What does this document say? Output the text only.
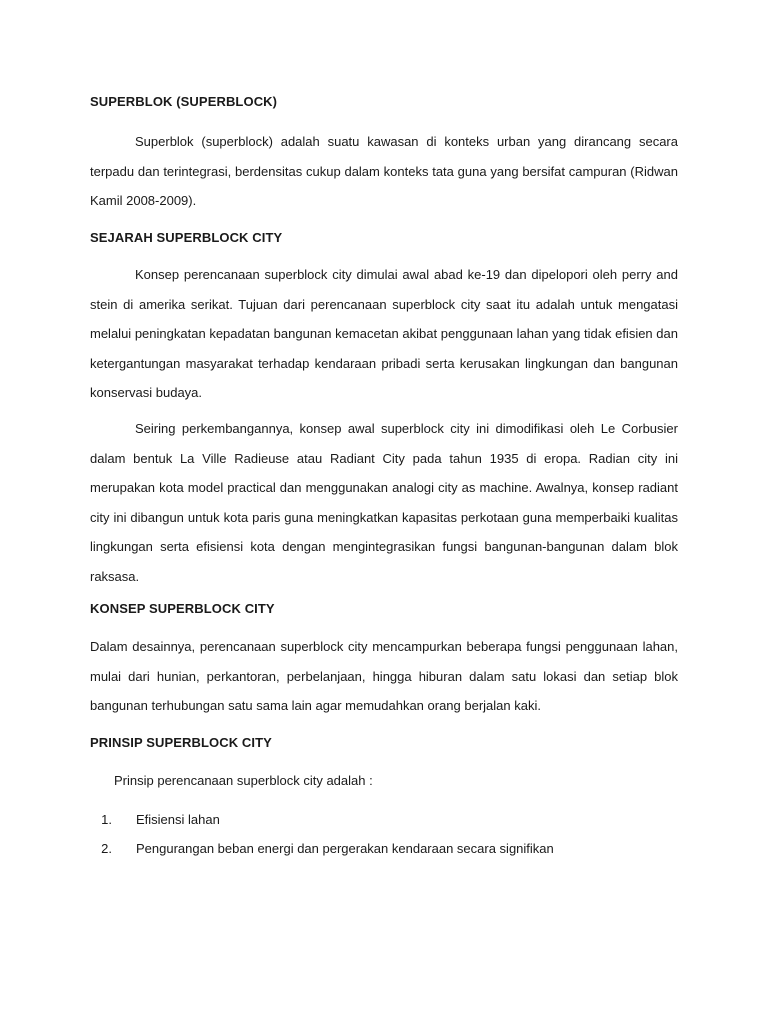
SUPERBLOK (SUPERBLOCK)

Superblok (superblock) adalah suatu kawasan di konteks urban yang dirancang secara terpadu dan terintegrasi, berdensitas cukup dalam konteks tata guna yang bersifat campuran (Ridwan Kamil 2008-2009).

SEJARAH SUPERBLOCK CITY

Konsep perencanaan superblock city dimulai awal abad ke-19 dan dipelopori oleh perry and stein di amerika serikat. Tujuan dari perencanaan superblock city saat itu adalah untuk mengatasi melalui peningkatan kepadatan bangunan kemacetan akibat penggunaan lahan yang tidak efisien dan ketergantungan masyarakat terhadap kendaraan pribadi serta kerusakan lingkungan dan bangunan konservasi budaya.

Seiring perkembangannya, konsep awal superblock city ini dimodifikasi oleh Le Corbusier dalam bentuk La Ville Radieuse atau Radiant City pada tahun 1935 di eropa. Radian city ini merupakan kota model practical dan menggunakan analogi city as machine. Awalnya, konsep radiant city ini dibangun untuk kota paris guna meningkatkan kapasitas perkotaan guna memperbaiki kualitas lingkungan serta efisiensi kota dengan mengintegrasikan fungsi bangunan-bangunan dalam blok raksasa.

KONSEP SUPERBLOCK CITY

Dalam desainnya, perencanaan superblock city mencampurkan beberapa fungsi penggunaan lahan, mulai dari hunian, perkantoran, perbelanjaan, hingga hiburan dalam satu lokasi dan setiap blok bangunan terhubungan satu sama lain agar memudahkan orang berjalan kaki.

PRINSIP SUPERBLOCK CITY

Prinsip perencanaan superblock city adalah :

1. Efisiensi lahan
2. Pengurangan beban energi dan pergerakan kendaraan secara signifikan
